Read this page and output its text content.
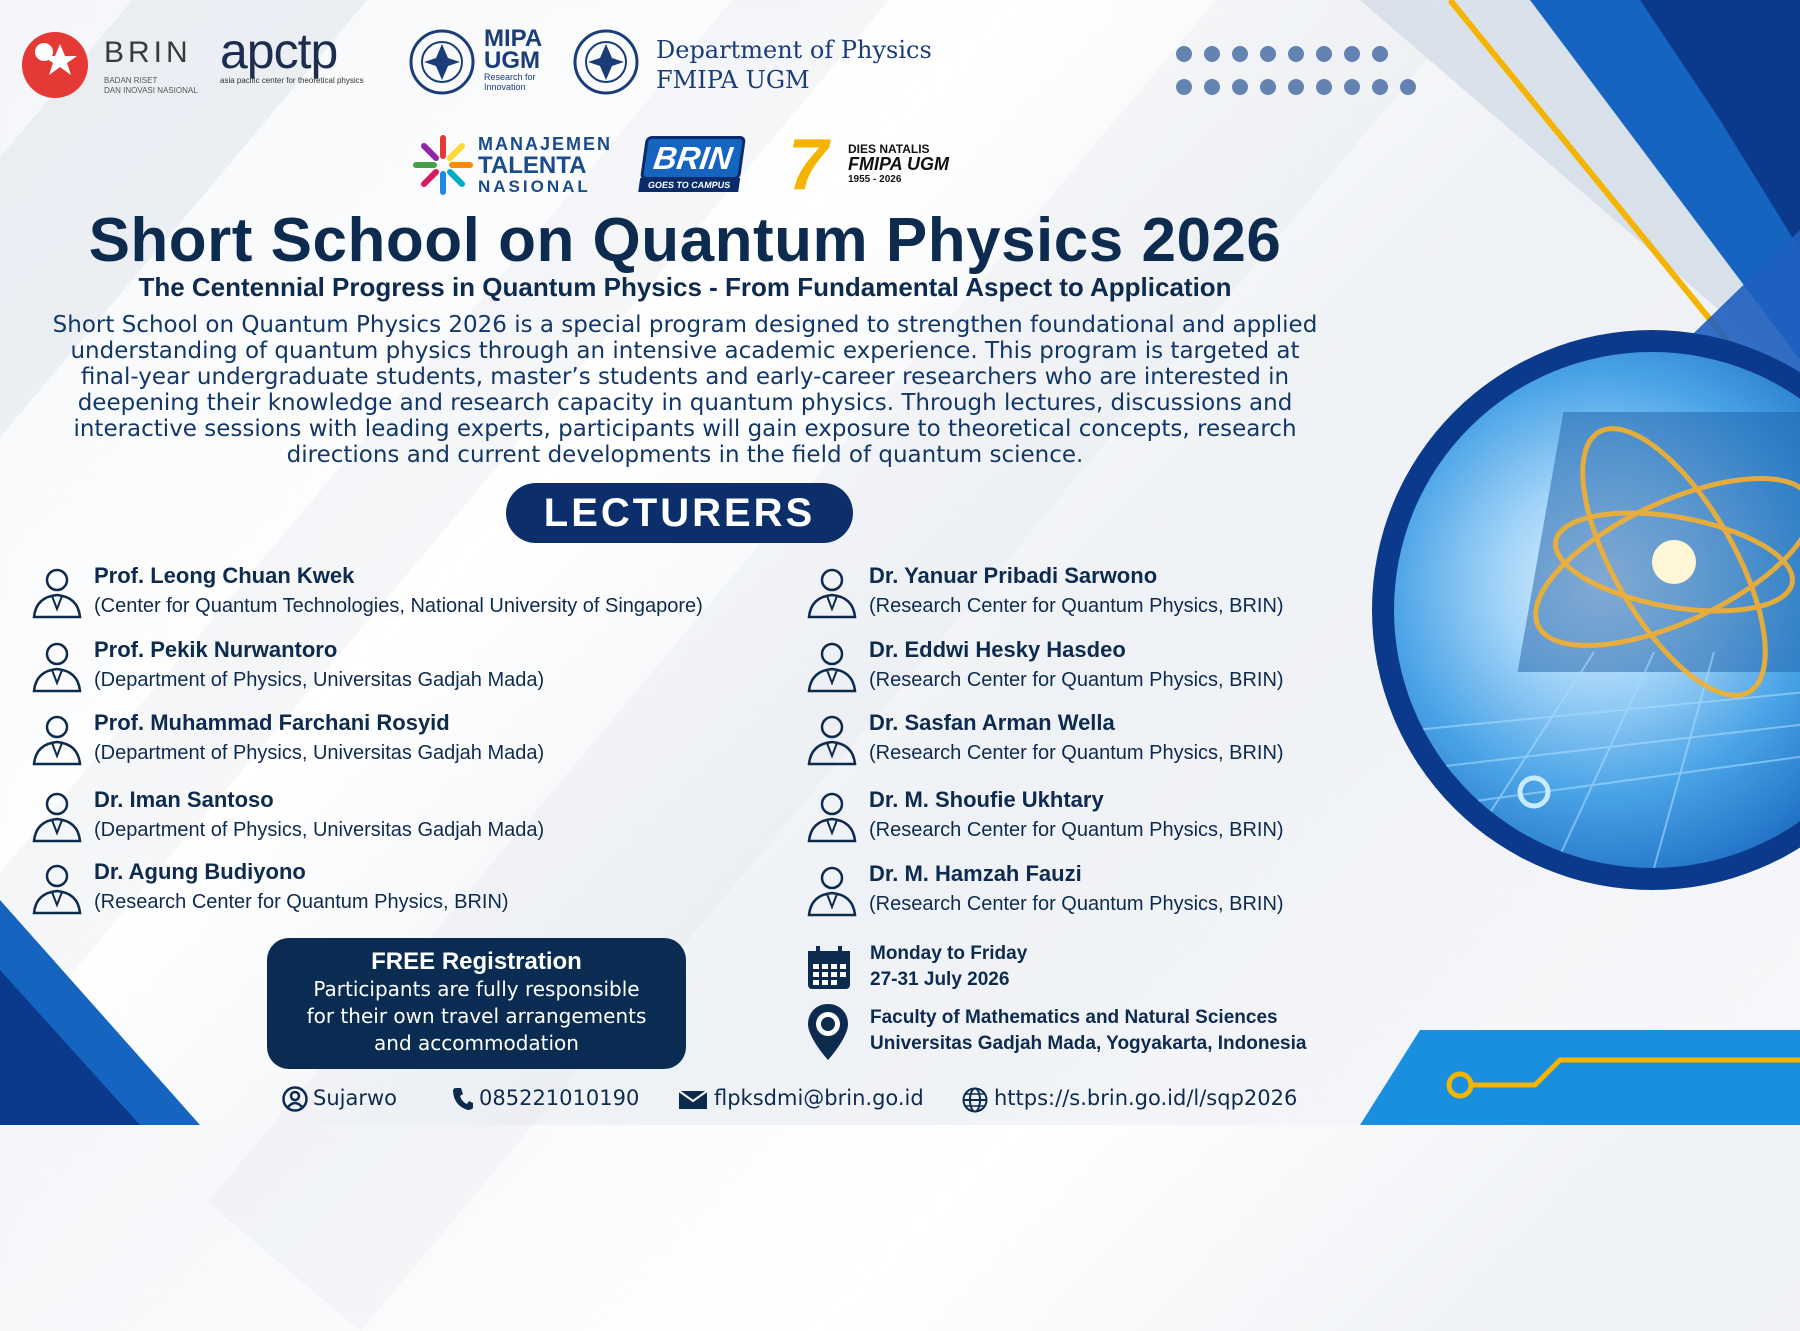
BRIN
BADAN RISET
DAN INOVASI NASIONAL
apctp
asia pacific center for theoretical physics
MIPA
UGM
Research for
Innovation
Department of Physics
FMIPA UGM
MANAJEMEN
TALENTA
NASIONAL
BRIN
GOES TO CAMPUS 7 DIES NATALIS
FMIPA UGM
1955 - 2026
Short School on Quantum Physics 2026
The Centennial Progress in Quantum Physics - From Fundamental Aspect to Application
Short School on Quantum Physics 2026 is a special program designed to strengthen foundational and applied
understanding of quantum physics through an intensive academic experience. This program is targeted at
final-year undergraduate students, master’s students and early-career researchers who are interested in
deepening their knowledge and research capacity in quantum physics. Through lectures, discussions and
interactive sessions with leading experts, participants will gain exposure to theoretical concepts, research
directions and current developments in the field of quantum science.
LECTURERS
Prof. Leong Chuan Kwek
(Center for Quantum Technologies, National University of Singapore)
Prof. Pekik Nurwantoro
(Department of Physics, Universitas Gadjah Mada)
Prof. Muhammad Farchani Rosyid
(Department of Physics, Universitas Gadjah Mada)
Dr. Iman Santoso
(Department of Physics, Universitas Gadjah Mada)
Dr. Agung Budiyono
(Research Center for Quantum Physics, BRIN)
Dr. Yanuar Pribadi Sarwono
(Research Center for Quantum Physics, BRIN)
Dr. Eddwi Hesky Hasdeo
(Research Center for Quantum Physics, BRIN)
Dr. Sasfan Arman Wella
(Research Center for Quantum Physics, BRIN)
Dr. M. Shoufie Ukhtary
(Research Center for Quantum Physics, BRIN)
Dr. M. Hamzah Fauzi
(Research Center for Quantum Physics, BRIN)
FREE Registration
Participants are fully responsible
for their own travel arrangements
and accommodation
Monday to Friday
27-31 July 2026
Faculty of Mathematics and Natural Sciences
Universitas Gadjah Mada, Yogyakarta, Indonesia
Sujarwo	085221010190	flpksdmi@brin.go.id	https://s.brin.go.id/l/sqp2026
